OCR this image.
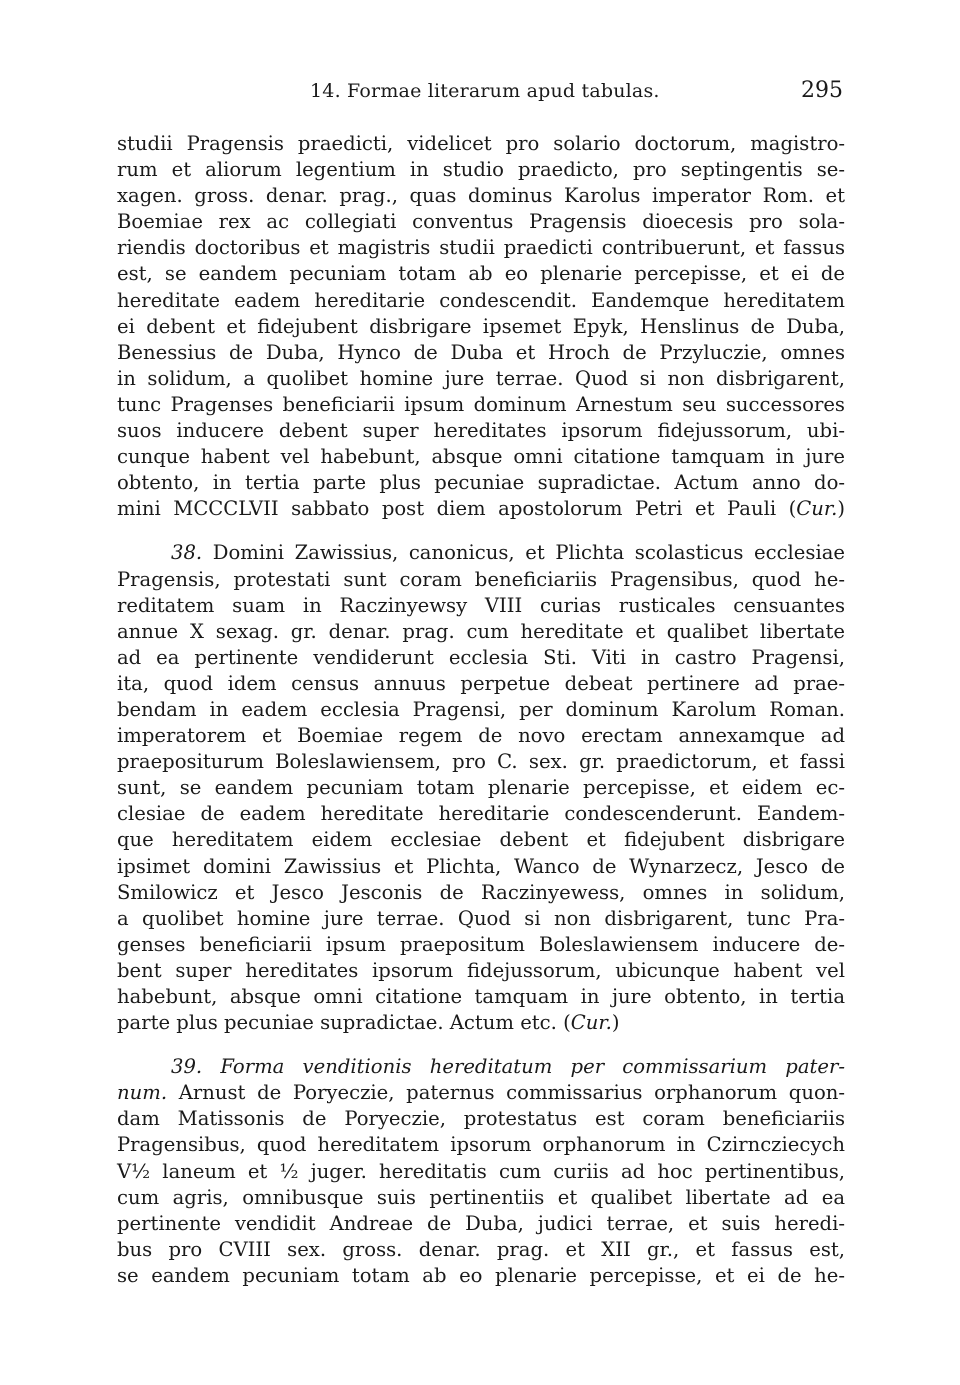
14. Formae literarum apud tabulas.	295
studii Pragensis praedicti, videlicet pro solario doctorum, magistro-
rum et aliorum legentium in studio praedicto, pro septingentis se-
xagen. gross. denar. prag., quas dominus Karolus imperator Rom. et
Boemiae rex ac collegiati conventus Pragensis dioecesis pro sola-
riendis doctoribus et magistris studii praedicti contribuerunt, et fassus
est, se eandem pecuniam totam ab eo plenarie percepisse, et ei de
hereditate eadem hereditarie condescendit. Eandemque hereditatem
ei debent et fidejubent disbrigare ipsemet Epyk, Henslinus de Duba,
Benessius de Duba, Hynco de Duba et Hroch de Przyluczie, omnes
in solidum, a quolibet homine jure terrae. Quod si non disbrigarent,
tunc Pragenses beneficiarii ipsum dominum Arnestum seu successores
suos inducere debent super hereditates ipsorum fidejussorum, ubi-
cunque habent vel habebunt, absque omni citatione tamquam in jure
obtento, in tertia parte plus pecuniae supradictae. Actum anno do-
mini MCCCLVII sabbato post diem apostolorum Petri et Pauli (Cur.)
38. Domini Zawissius, canonicus, et Plichta scolasticus ecclesiae
Pragensis, protestati sunt coram beneficiariis Pragensibus, quod he-
reditatem suam in Raczinyewsy VIII curias rusticales censuantes
annue X sexag. gr. denar. prag. cum hereditate et qualibet libertate
ad ea pertinente vendiderunt ecclesia Sti. Viti in castro Pragensi,
ita, quod idem census annuus perpetue debeat pertinere ad prae-
bendam in eadem ecclesia Pragensi, per dominum Karolum Roman.
imperatorem et Boemiae regem de novo erectam annexamque ad
praepositurum Boleslawiensem, pro C. sex. gr. praedictorum, et fassi
sunt, se eandem pecuniam totam plenarie percepisse, et eidem ec-
clesiae de eadem hereditate hereditarie condescenderunt. Eandem-
que hereditatem eidem ecclesiae debent et fidejubent disbrigare
ipsimet domini Zawissius et Plichta, Wanco de Wynarzecz, Jesco de
Smilowicz et Jesco Jesconis de Raczinyewess, omnes in solidum,
a quolibet homine jure terrae. Quod si non disbrigarent, tunc Pra-
genses beneficiarii ipsum praepositum Boleslawiensem inducere de-
bent super hereditates ipsorum fidejussorum, ubicunque habent vel
habebunt, absque omni citatione tamquam in jure obtento, in tertia
parte plus pecuniae supradictae. Actum etc. (Cur.)
39. Forma venditionis hereditatum per commissarium pater-
num. Arnust de Poryeczie, paternus commissarius orphanorum quon-
dam Matissonis de Poryeczie, protestatus est coram beneficiariis
Pragensibus, quod hereditatem ipsorum orphanorum in Czirncziecych
V½ laneum et ½ juger. hereditatis cum curiis ad hoc pertinentibus,
cum agris, omnibusque suis pertinentiis et qualibet libertate ad ea
pertinente vendidit Andreae de Duba, judici terrae, et suis heredi-
bus pro CVIII sex. gross. denar. prag. et XII gr., et fassus est,
se eandem pecuniam totam ab eo plenarie percepisse, et ei de he-
